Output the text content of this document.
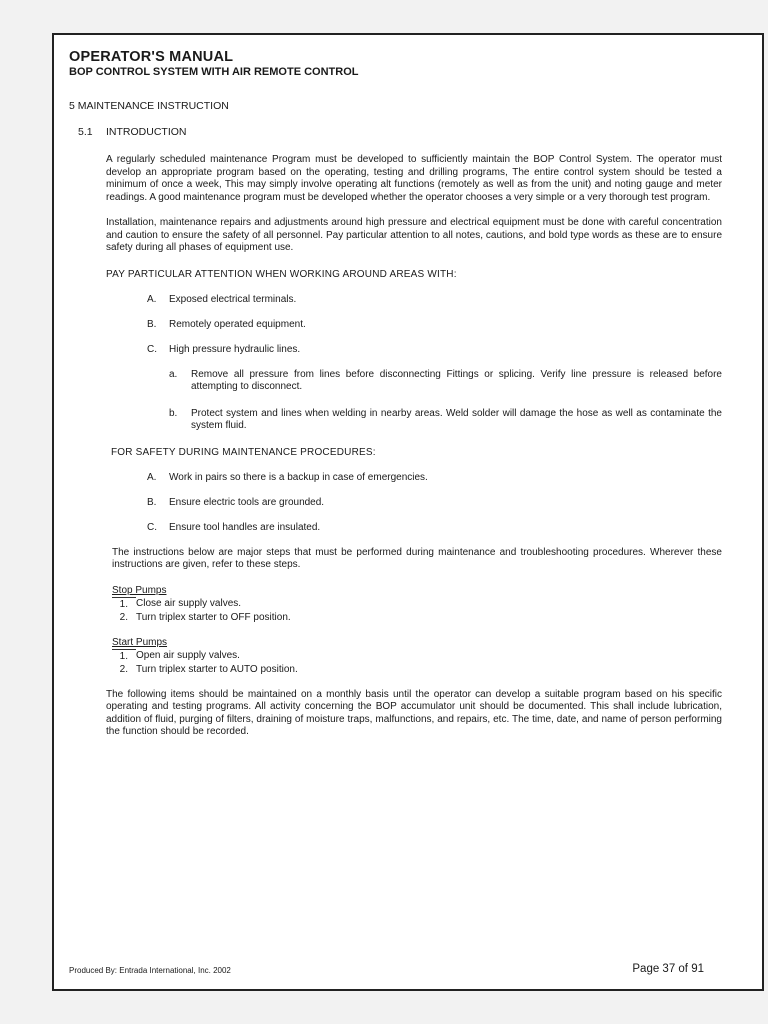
OPERATOR'S MANUAL
BOP CONTROL SYSTEM WITH AIR REMOTE CONTROL
5 MAINTENANCE INSTRUCTION
5.1 INTRODUCTION
A regularly scheduled maintenance Program must be developed to sufficiently maintain the BOP Control System. The operator must develop an appropriate program based on the operating, testing and drilling programs, The entire control system should be tested a minimum of once a week, This may simply involve operating alt functions (remotely as well as from the unit) and noting gauge and meter readings. A good maintenance program must be developed whether the operator chooses a very simple or a very thorough test program.
Installation, maintenance repairs and adjustments around high pressure and electrical equipment must be done with careful concentration and caution to ensure the safety of all personnel. Pay particular attention to all notes, cautions, and bold type words as these are to ensure safety during all phases of equipment use.
PAY PARTICULAR ATTENTION WHEN WORKING AROUND AREAS WITH:
A.	Exposed electrical terminals.
B.	Remotely operated equipment.
C.	High pressure hydraulic lines.
a.	Remove all pressure from lines before disconnecting Fittings or splicing. Verify line pressure is released before attempting to disconnect.
b.	Protect system and lines when welding in nearby areas. Weld solder will damage the hose as well as contaminate the system fluid.
FOR SAFETY DURING MAINTENANCE PROCEDURES:
A.	Work in pairs so there is a backup in case of emergencies.
B.	Ensure electric tools are grounded.
C.	Ensure tool handles are insulated.
The instructions below are major steps that must be performed during maintenance and troubleshooting procedures. Wherever these instructions are given, refer to these steps.
Stop Pumps
1. Close air supply valves.
2. Turn triplex starter to OFF position.
Start Pumps
1. Open air supply valves.
2. Turn triplex starter to AUTO position.
The following items should be maintained on a monthly basis until the operator can develop a suitable program based on his specific operating and testing programs. All activity concerning the BOP accumulator unit should be documented. This shall include lubrication, addition of fluid, purging of filters, draining of moisture traps, malfunctions, and repairs, etc. The time, date, and name of person performing the function should be recorded.
Produced By: Entrada International, Inc. 2002	Page 37 of 91
